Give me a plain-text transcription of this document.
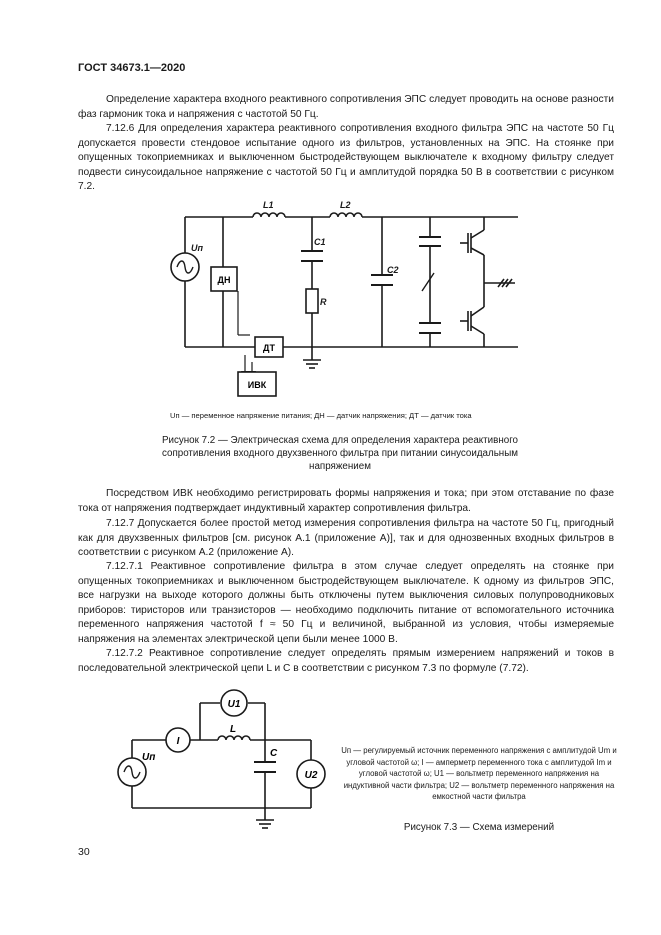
ГОСТ 34673.1—2020
Определение характера входного реактивного сопротивления ЭПС следует проводить на основе разности фаз гармоник тока и напряжения с частотой 50 Гц.
7.12.6 Для определения характера реактивного сопротивления входного фильтра ЭПС на частоте 50 Гц допускается провести стендовое испытание одного из фильтров, установленных на ЭПС. На стоянке при опущенных токоприемниках и выключенном быстродействующем выключателе к входному фильтру следует подвести синусоидальное напряжение с частотой 50 Гц и амплитудой порядка 50 В в соответствии с рисунком 7.2.
ДН
ДТ
ИВК
L1	L2
C1
R
C2
Uп
Uп — переменное напряжение питания; ДН — датчик напряжения; ДТ — датчик тока
Рисунок 7.2 — Электрическая схема для определения характера реактивного сопротивления входного двухзвенного фильтра при питании синусоидальным напряжением
Посредством ИВК необходимо регистрировать формы напряжения и тока; при этом отставание по фазе тока от напряжения подтверждает индуктивный характер сопротивления фильтра.
7.12.7 Допускается более простой метод измерения сопротивления фильтра на частоте 50 Гц, пригодный как для двухзвенных фильтров [см. рисунок А.1 (приложение А)], так и для однозвенных входных фильтров в соответствии с рисунком А.2 (приложение А).
7.12.7.1 Реактивное сопротивление фильтра в этом случае следует определять на стоянке при опущенных токоприемниках и выключенном быстродействующем выключателе. К одному из фильтров ЭПС, все нагрузки на выходе которого должны быть отключены путем выключения силовых полупроводниковых приборов: тиристоров или транзисторов — необходимо подключить питание от вспомогательного источника переменного напряжения частотой f ≈ 50 Гц и величиной, выбранной из условия, чтобы измеряемые напряжения на элементах электрической цепи были менее 1000 В.
7.12.7.2 Реактивное сопротивление следует определять прямым измерением напряжений и токов в последовательной электрической цепи L и C в соответствии с рисунком 7.3 по формуле (7.72).
I
L
U1
C
U2
Uп
Uп — регулируемый источник переменного напряжения с амплитудой Um и угловой частотой ω; I — амперметр переменного тока с амплитудой Im и угловой частотой ω; U1 — вольтметр переменного напряжения на индуктивной части фильтра; U2 — вольтметр переменного напряжения на емкостной части фильтра
Рисунок 7.3 — Схема измерений
30
